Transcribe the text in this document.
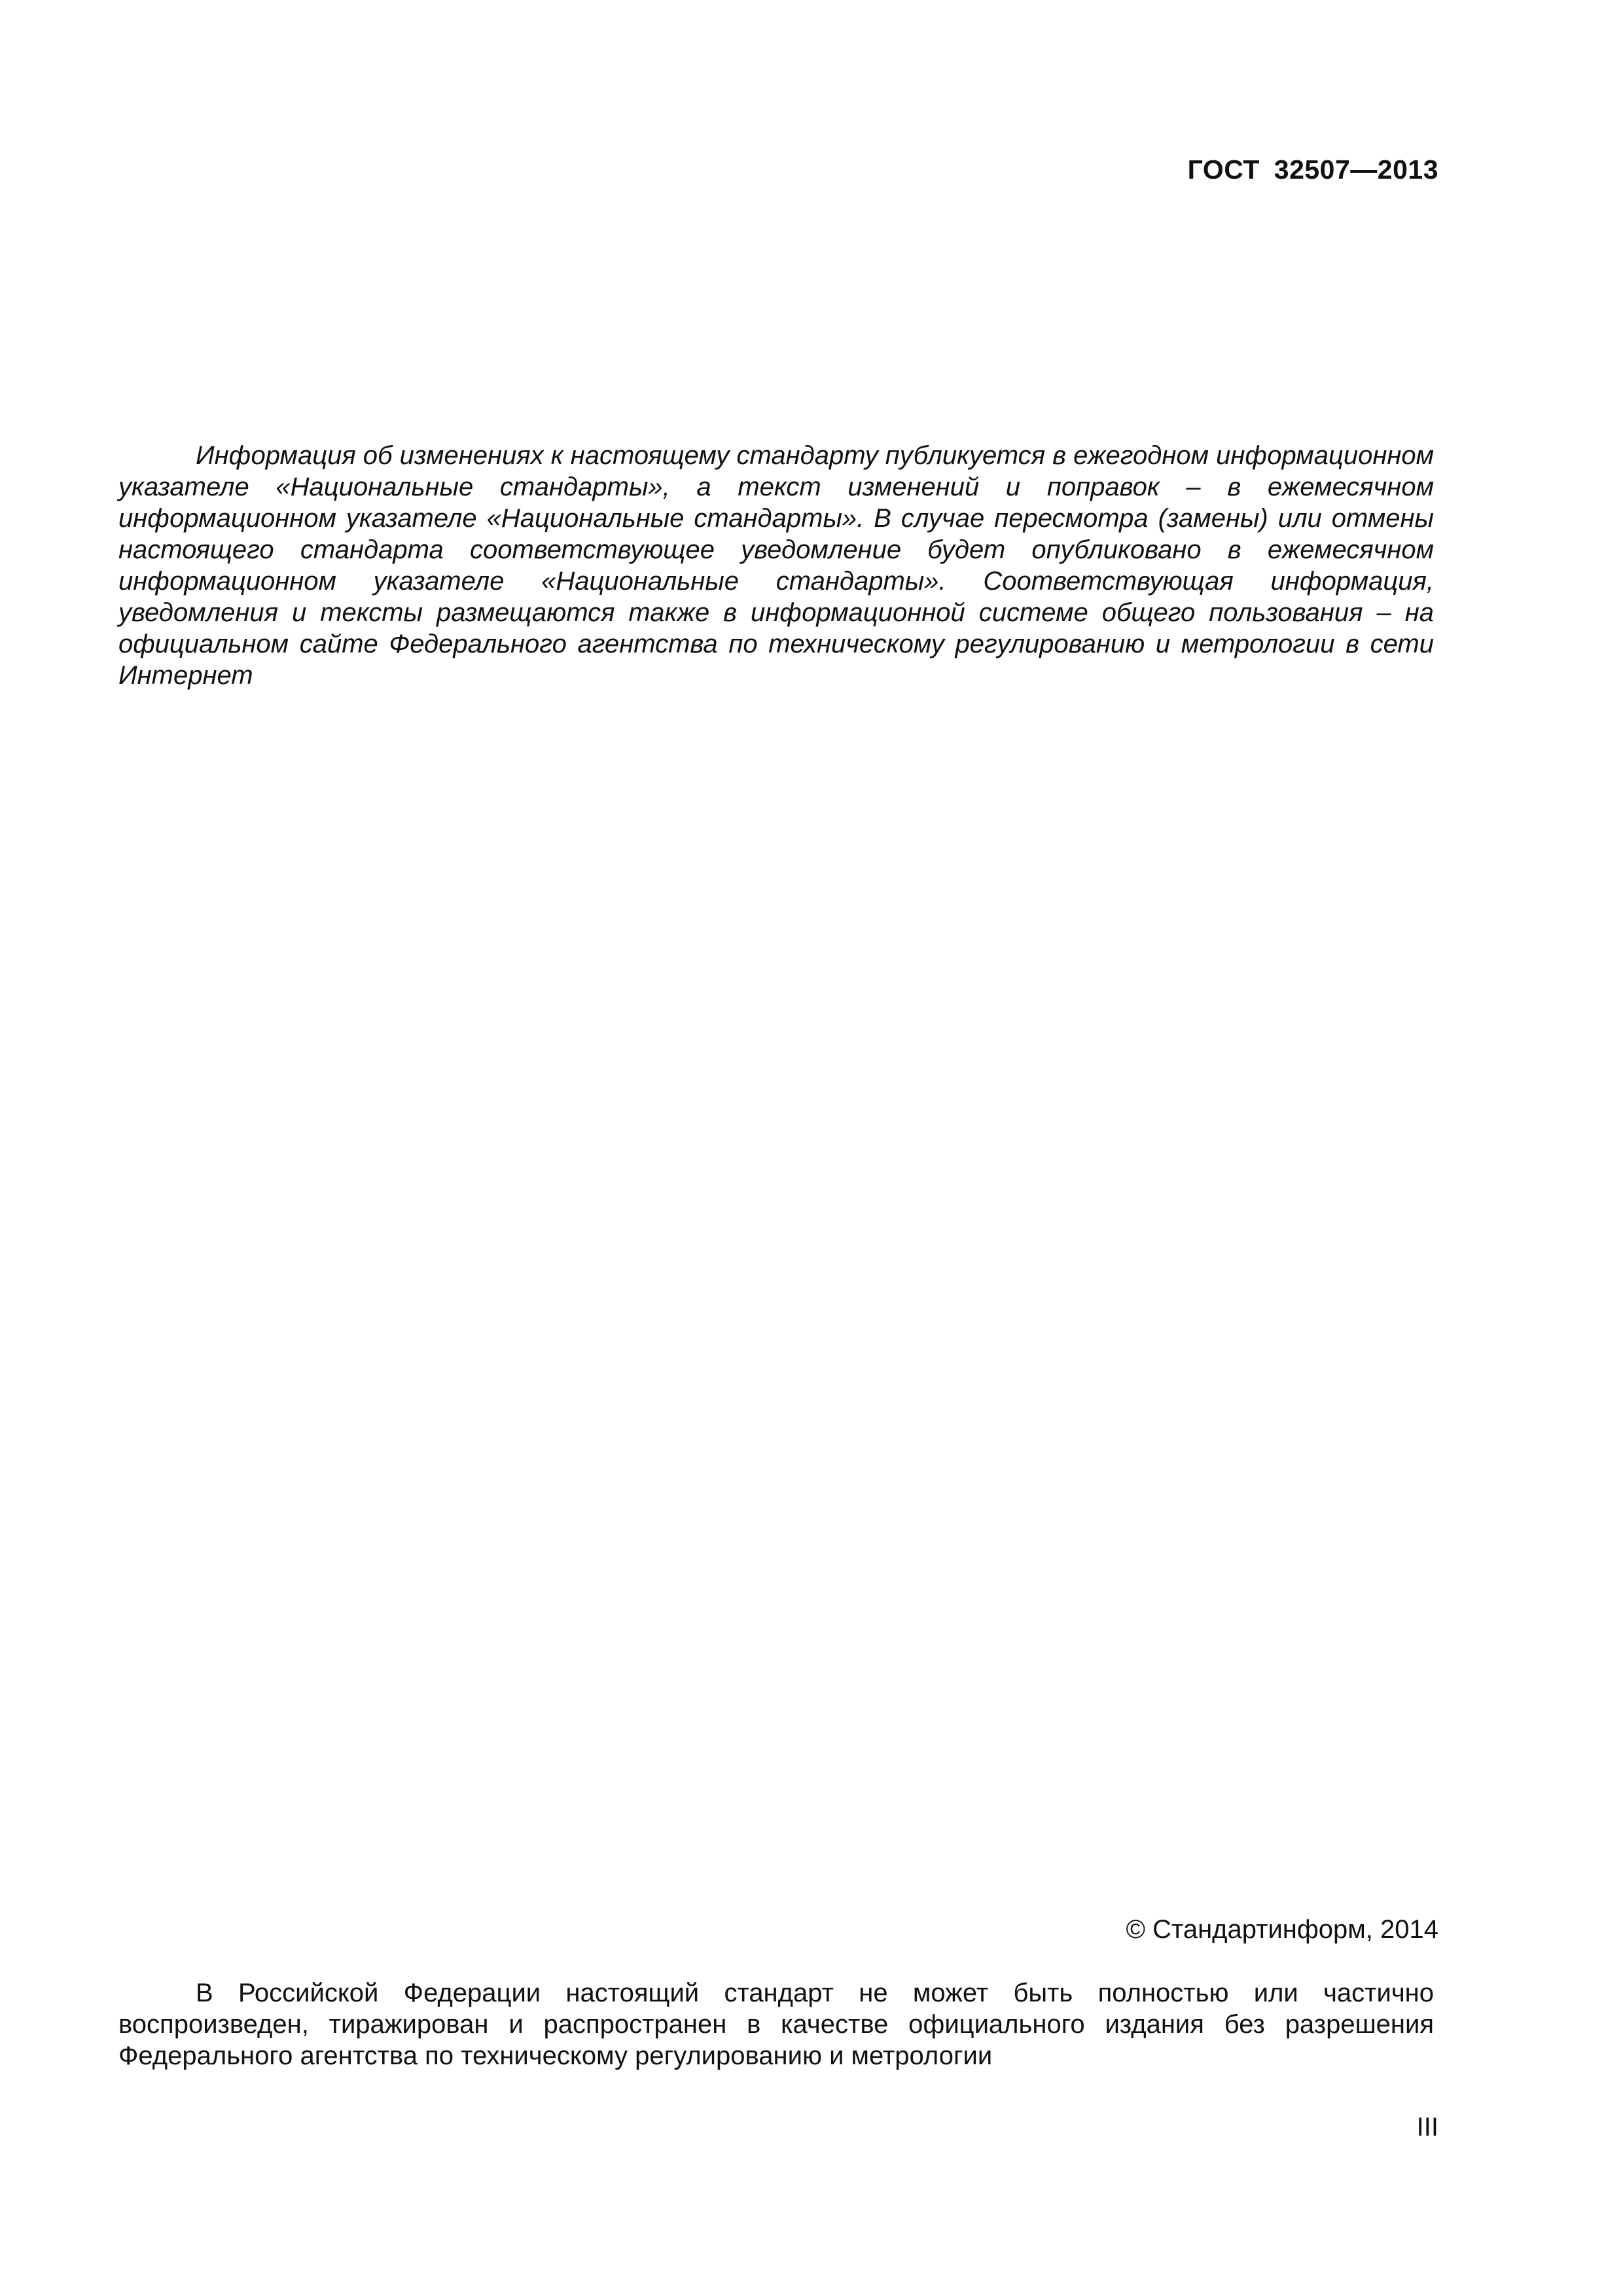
ГОСТ 32507—2013

Информация об изменениях к настоящему стандарту публикуется в ежегодном информационном указателе «Национальные стандарты», а текст изменений и поправок – в ежемесячном информационном указателе «Национальные стандарты». В случае пересмотра (замены) или отмены настоящего стандарта соответствующее уведомление будет опубликовано в ежемесячном информационном указателе «Национальные стандарты». Соответствующая информация, уведомления и тексты размещаются также в информационной системе общего пользования – на официальном сайте Федерального агентства по техническому регулированию и метрологии в сети Интернет

© Стандартинформ, 2014

В Российской Федерации настоящий стандарт не может быть полностью или частично воспроизведен, тиражирован и распространен в качестве официального издания без разрешения Федерального агентства по техническому регулированию и метрологии

III
